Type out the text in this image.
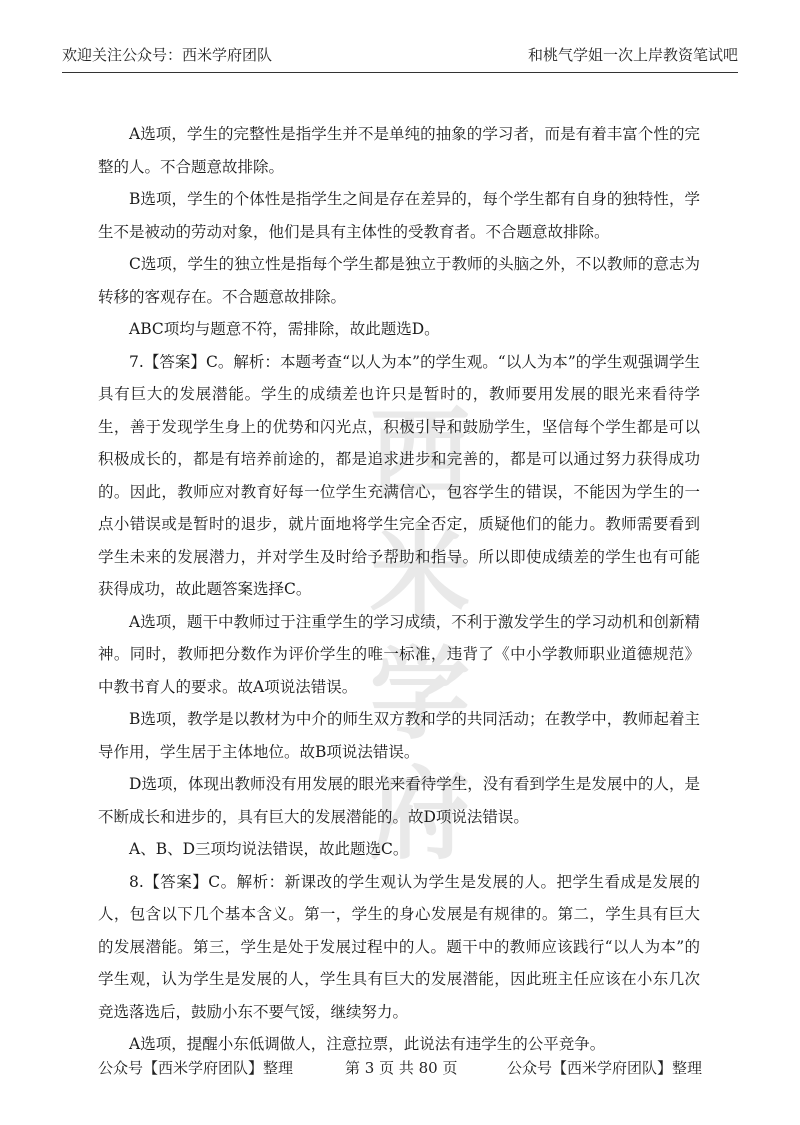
欢迎关注公众号：西米学府团队	和桃气学姐一次上岸教资笔试吧
西
米
学
府

A选项，学生的完整性是指学生并不是单纯的抽象的学习者，而是有着丰富个性的完整的人。不合题意故排除。

B选项，学生的个体性是指学生之间是存在差异的，每个学生都有自身的独特性，学生不是被动的劳动对象，他们是具有主体性的受教育者。不合题意故排除。

C选项，学生的独立性是指每个学生都是独立于教师的头脑之外，不以教师的意志为转移的客观存在。不合题意故排除。

ABC项均与题意不符，需排除，故此题选D。

7.【答案】C。解析：本题考查“以人为本”的学生观。“以人为本”的学生观强调学生具有巨大的发展潜能。学生的成绩差也许只是暂时的，教师要用发展的眼光来看待学生，善于发现学生身上的优势和闪光点，积极引导和鼓励学生，坚信每个学生都是可以积极成长的，都是有培养前途的，都是追求进步和完善的，都是可以通过努力获得成功的。因此，教师应对教育好每一位学生充满信心，包容学生的错误，不能因为学生的一点小错误或是暂时的退步，就片面地将学生完全否定，质疑他们的能力。教师需要看到学生未来的发展潜力，并对学生及时给予帮助和指导。所以即使成绩差的学生也有可能获得成功，故此题答案选择C。

A选项，题干中教师过于注重学生的学习成绩，不利于激发学生的学习动机和创新精神。同时，教师把分数作为评价学生的唯一标准，违背了《中小学教师职业道德规范》中教书育人的要求。故A项说法错误。

B选项，教学是以教材为中介的师生双方教和学的共同活动；在教学中，教师起着主导作用，学生居于主体地位。故B项说法错误。

D选项，体现出教师没有用发展的眼光来看待学生，没有看到学生是发展中的人，是不断成长和进步的，具有巨大的发展潜能的。故D项说法错误。

A、B、D三项均说法错误，故此题选C。

8.【答案】C。解析：新课改的学生观认为学生是发展的人。把学生看成是发展的人，包含以下几个基本含义。第一，学生的身心发展是有规律的。第二，学生具有巨大的发展潜能。第三，学生是处于发展过程中的人。题干中的教师应该践行“以人为本”的学生观，认为学生是发展的人，学生具有巨大的发展潜能，因此班主任应该在小东几次竞选落选后，鼓励小东不要气馁，继续努力。

A选项，提醒小东低调做人，注意拉票，此说法有违学生的公平竞争。

公众号【西米学府团队】整理	第 3 页 共 80 页	公众号【西米学府团队】整理
